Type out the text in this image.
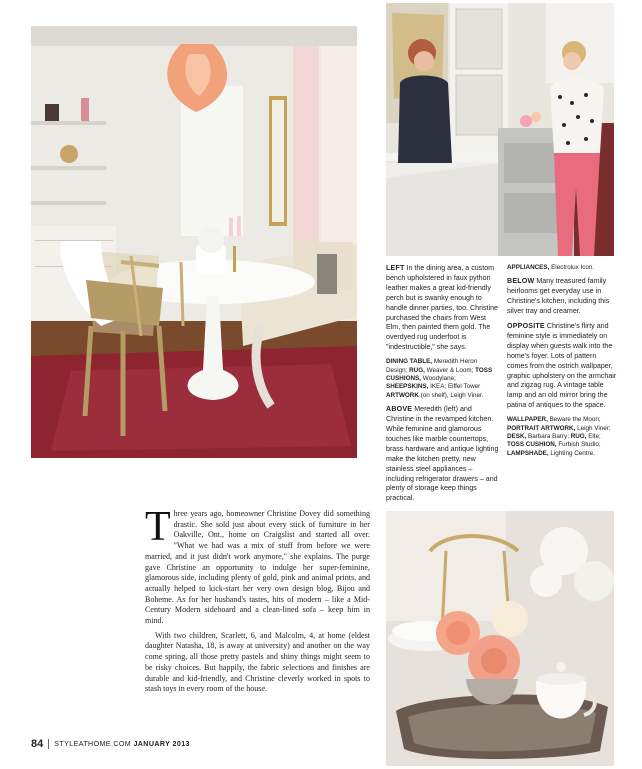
LEFT In the dining area, a custom bench upholstered in faux python leather makes a great kid-friendly perch but is swanky enough to handle dinner parties, too. Christine purchased the chairs from West Elm, then painted them gold. The overdyed rug underfoot is "indestructible," she says.

DINING TABLE, Meredith Heron Design; RUG, Weaver & Loom; TOSS CUSHIONS, Woodylane; SHEEPSKINS, IKEA; Eiffel Tower ARTWORK (on shelf), Leigh Viner.

ABOVE Meredith (left) and Christine in the revamped kitchen. While feminine and glamorous touches like marble countertops, brass hardware and antique lighting make the kitchen pretty, new stainless steel appliances – including refrigerator drawers – and plenty of storage keep things practical.

APPLIANCES, Electrolux Icon.

BELOW Many treasured family heirlooms get everyday use in Christine's kitchen, including this silver tray and creamer.

OPPOSITE Christine's flirty and feminine style is immediately on display when guests walk into the home's foyer. Lots of pattern comes from the ostrich wallpaper, graphic upholstery on the armchair and zigzag rug. A vintage table lamp and an old mirror bring the patina of antiques to the space.

WALLPAPER, Beware the Moon; PORTRAIT ARTWORK, Leigh Viner; DESK, Barbara Barry; RUG, Elte; TOSS CUSHION, Furbish Studio; LAMPSHADE, Lighting Centre.

Three years ago, homeowner Christine Dovey did something drastic. She sold just about every stick of furniture in her Oakville, Ont., home on Craigslist and started all over. "What we had was a mix of stuff from before we were married, and it just didn't work anymore," she explains. The purge gave Christine an opportunity to indulge her super-feminine, glamorous side, including plenty of gold, pink and animal prints, and actually helped to kick-start her very own design blog, Bijou and Boheme. As for her husband's tastes, hits of modern – like a Mid-Century Modern sideboard and a clean-lined sofa – keep him in mind.

With two children, Scarlett, 6, and Malcolm, 4, at home (eldest daughter Natasha, 18, is away at university) and another on the way come spring, all those pretty pastels and shiny things might seem to be risky choices. But happily, the fabric selections and finishes are durable and kid-friendly, and Christine cleverly worked in spots to stash toys in every room of the house.

84 STYLEATHOME.COM JANUARY 2013
